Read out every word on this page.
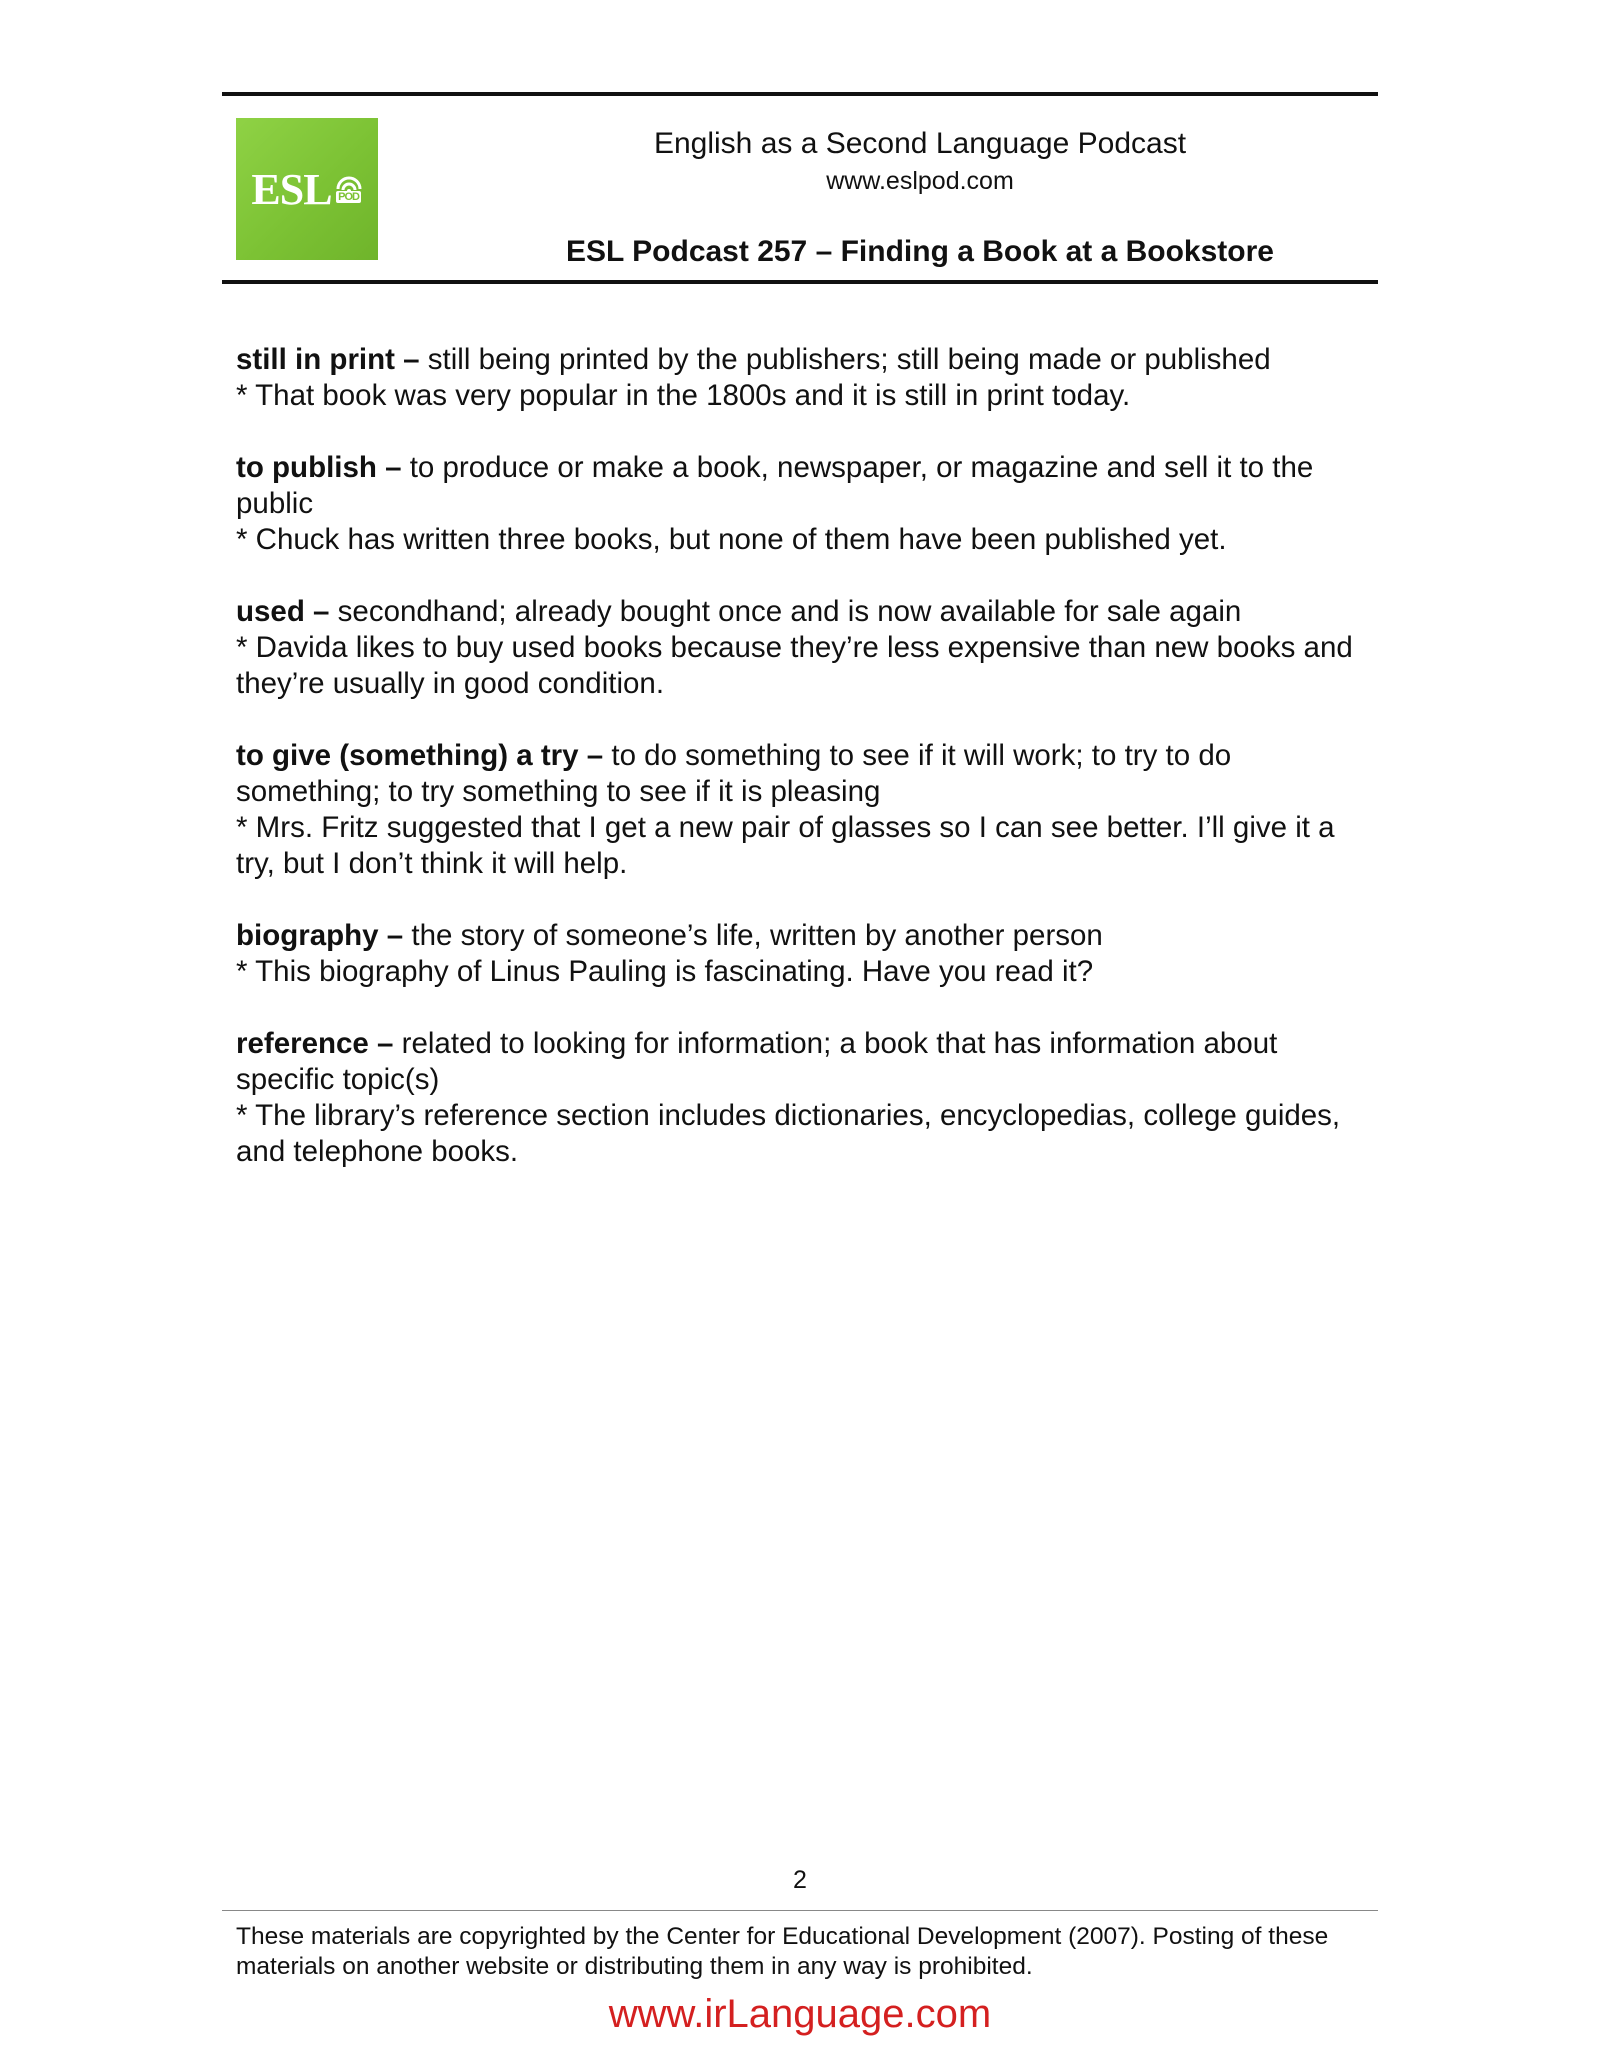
ESL POD
English as a Second Language Podcast
www.eslpod.com
ESL Podcast 257 – Finding a Book at a Bookstore

still in print – still being printed by the publishers; still being made or published
* That book was very popular in the 1800s and it is still in print today.

to publish – to produce or make a book, newspaper, or magazine and sell it to the public
* Chuck has written three books, but none of them have been published yet.

used – secondhand; already bought once and is now available for sale again
* Davida likes to buy used books because they’re less expensive than new books and they’re usually in good condition.

to give (something) a try – to do something to see if it will work; to try to do something; to try something to see if it is pleasing
* Mrs. Fritz suggested that I get a new pair of glasses so I can see better. I’ll give it a try, but I don’t think it will help.

biography – the story of someone’s life, written by another person
* This biography of Linus Pauling is fascinating. Have you read it?

reference – related to looking for information; a book that has information about specific topic(s)
* The library’s reference section includes dictionaries, encyclopedias, college guides, and telephone books.

2
These materials are copyrighted by the Center for Educational Development (2007). Posting of these materials on another website or distributing them in any way is prohibited.
www.irLanguage.com
